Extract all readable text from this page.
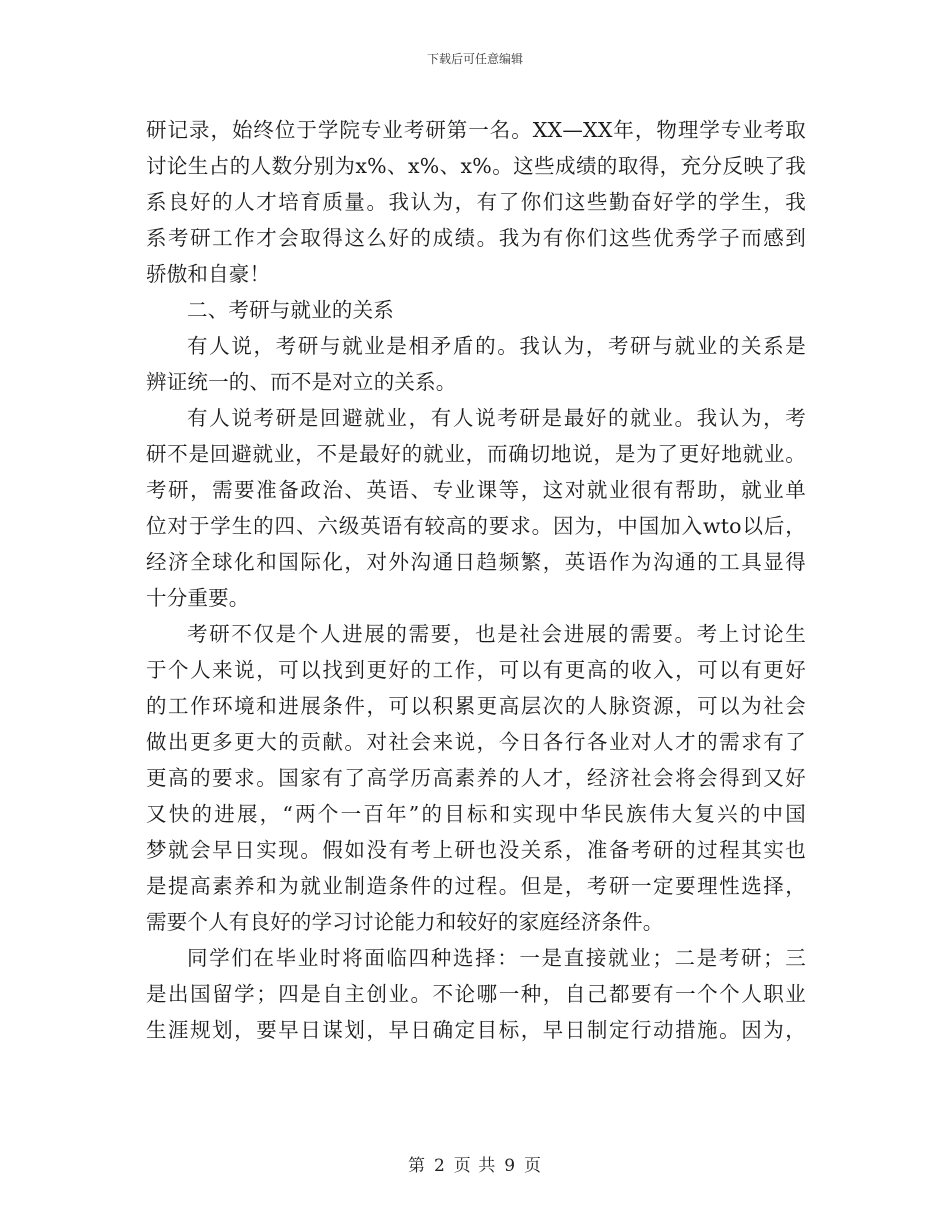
下载后可任意编辑
研记录，始终位于学院专业考研第一名。XX—XX年，物理学专业考取
讨论生占的人数分别为x%、x%、x%。这些成绩的取得，充分反映了我
系良好的人才培育质量。我认为，有了你们这些勤奋好学的学生，我
系考研工作才会取得这么好的成绩。我为有你们这些优秀学子而感到
骄傲和自豪！
二、考研与就业的关系
有人说，考研与就业是相矛盾的。我认为，考研与就业的关系是
辨证统一的、而不是对立的关系。
有人说考研是回避就业，有人说考研是最好的就业。我认为，考
研不是回避就业，不是最好的就业，而确切地说，是为了更好地就业。
考研，需要准备政治、英语、专业课等，这对就业很有帮助，就业单
位对于学生的四、六级英语有较高的要求。因为，中国加入wto以后，
经济全球化和国际化，对外沟通日趋频繁，英语作为沟通的工具显得
十分重要。
考研不仅是个人进展的需要，也是社会进展的需要。考上讨论生
于个人来说，可以找到更好的工作，可以有更高的收入，可以有更好
的工作环境和进展条件，可以积累更高层次的人脉资源，可以为社会
做出更多更大的贡献。对社会来说，今日各行各业对人才的需求有了
更高的要求。国家有了高学历高素养的人才，经济社会将会得到又好
又快的进展，“两个一百年”的目标和实现中华民族伟大复兴的中国
梦就会早日实现。假如没有考上研也没关系，准备考研的过程其实也
是提高素养和为就业制造条件的过程。但是，考研一定要理性选择，
需要个人有良好的学习讨论能力和较好的家庭经济条件。
同学们在毕业时将面临四种选择：一是直接就业；二是考研；三
是出国留学；四是自主创业。不论哪一种，自己都要有一个个人职业
生涯规划，要早日谋划，早日确定目标，早日制定行动措施。因为，
第 2 页 共 9 页
